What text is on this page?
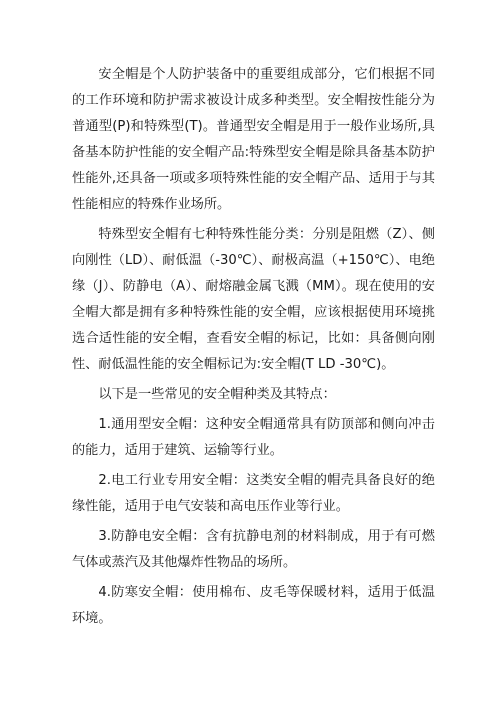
安全帽是个人防护装备中的重要组成部分，它们根据不同的工作环境和防护需求被设计成多种类型。安全帽按性能分为普通型(P)和特殊型(T)。普通型安全帽是用于一般作业场所,具备基本防护性能的安全帽产品:特殊型安全帽是除具备基本防护性能外,还具备一项或多项特殊性能的安全帽产品、适用于与其性能相应的特殊作业场所。

特殊型安全帽有七种特殊性能分类：分别是阻燃（Z）、侧向刚性（LD）、耐低温（-30℃）、耐极高温（+150℃）、电绝缘（J）、防静电（A）、耐熔融金属飞溅（MM）。现在使用的安全帽大都是拥有多种特殊性能的安全帽，应该根据使用环境挑选合适性能的安全帽，查看安全帽的标记，比如：具备侧向刚性、耐低温性能的安全帽标记为:安全帽(T LD -30℃)。

以下是一些常见的安全帽种类及其特点：

1.通用型安全帽：这种安全帽通常具有防顶部和侧向冲击的能力，适用于建筑、运输等行业。

2.电工行业专用安全帽：这类安全帽的帽壳具备良好的绝缘性能，适用于电气安装和高电压作业等行业。

3.防静电安全帽：含有抗静电剂的材料制成，用于有可燃气体或蒸汽及其他爆炸性物品的场所。

4.防寒安全帽：使用棉布、皮毛等保暖材料，适用于低温环境。
